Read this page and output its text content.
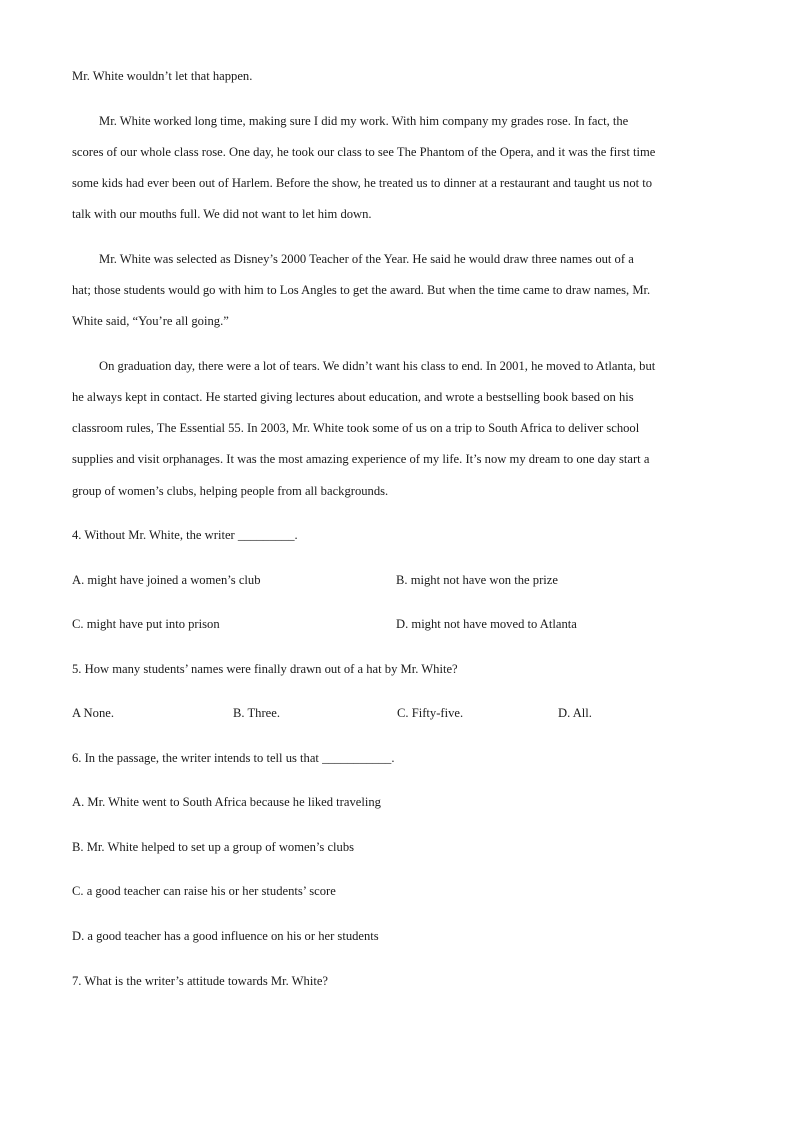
Mr. White wouldn’t let that happen.
Mr. White worked long time, making sure I did my work. With him company my grades rose. In fact, the
scores of our whole class rose. One day, he took our class to see The Phantom of the Opera, and it was the first time
some kids had ever been out of Harlem. Before the show, he treated us to dinner at a restaurant and taught us not to
talk with our mouths full. We did not want to let him down.
Mr. White was selected as Disney’s 2000 Teacher of the Year. He said he would draw three names out of a
hat; those students would go with him to Los Angles to get the award. But when the time came to draw names, Mr.
White said, “You’re all going.”
On graduation day, there were a lot of tears. We didn’t want his class to end. In 2001, he moved to Atlanta, but
he always kept in contact. He started giving lectures about education, and wrote a bestselling book based on his
classroom rules, The Essential 55. In 2003, Mr. White took some of us on a trip to South Africa to deliver school
supplies and visit orphanages. It was the most amazing experience of my life. It’s now my dream to one day start a
group of women’s clubs, helping people from all backgrounds.
4. Without Mr. White, the writer _________.
A. might have joined a women’s club	B. might not have won the prize
C. might have put into prison	D. might not have moved to Atlanta
5. How many students’ names were finally drawn out of a hat by Mr. White?
A None.	B. Three.	C. Fifty-five.	D. All.
6. In the passage, the writer intends to tell us that ___________.
A. Mr. White went to South Africa because he liked traveling
B. Mr. White helped to set up a group of women’s clubs
C. a good teacher can raise his or her students’ score
D. a good teacher has a good influence on his or her students
7. What is the writer’s attitude towards Mr. White?
